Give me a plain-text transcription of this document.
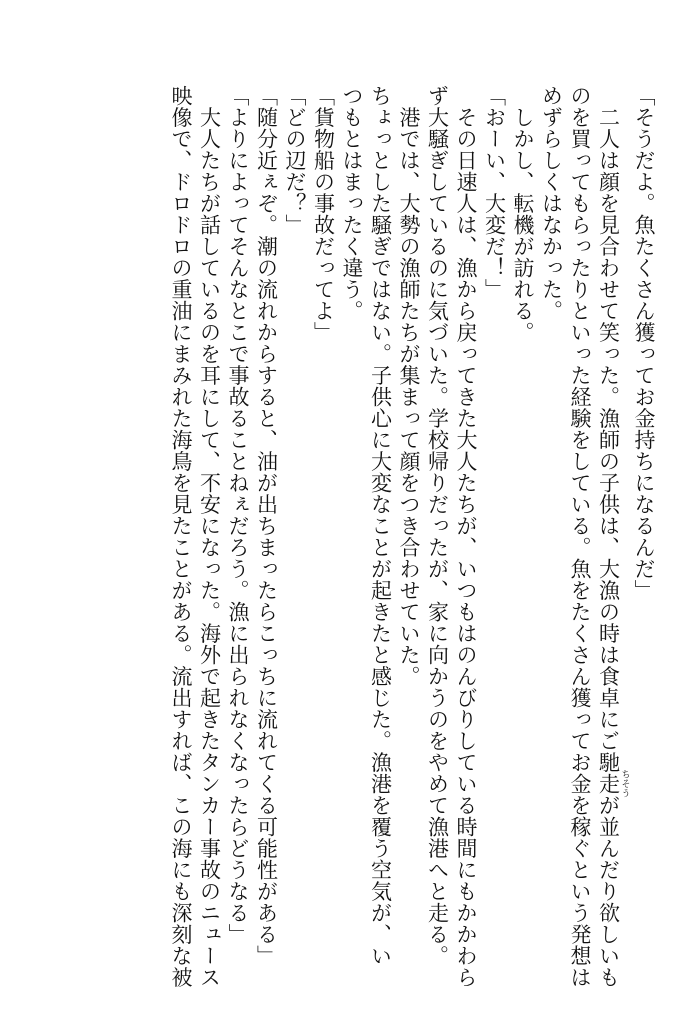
「そうだよ。魚たくさん獲ってお金持ちになるんだ」
　二人は顔を見合わせて笑った。漁師の子供は、大漁の時は食卓にご馳走 ちそうが並んだり欲しいも
のを買ってもらったりといった経験をしている。魚をたくさん獲ってお金を稼ぐという発想は
めずらしくはなかった。
　しかし、転機が訪れる。
「おーい、大変だ！」
　その日速人は、漁から戻ってきた大人たちが、いつもはのんびりしている時間にもかかわら
ず大騒ぎしているのに気づいた。学校帰りだったが、家に向かうのをやめて漁港へと走る。
　港では、大勢の漁師たちが集まって顔をつき合わせていた。
ちょっとした騒ぎではない。子供心に大変なことが起きたと感じた。漁港を覆う空気が、い
つもとはまったく違う。
「貨物船の事故だってよ」
「どの辺だ？」
「随分近ぇぞ。潮の流れからすると、油が出ちまったらこっちに流れてくる可能性がある」
「よりによってそんなとこで事故ることねぇだろう。漁に出られなくなったらどうなる」
　大人たちが話しているのを耳にして、不安になった。海外で起きたタンカー事故のニュース
映像で、ドロドロの重油にまみれた海鳥を見たことがある。流出すれば、この海にも深刻な被
